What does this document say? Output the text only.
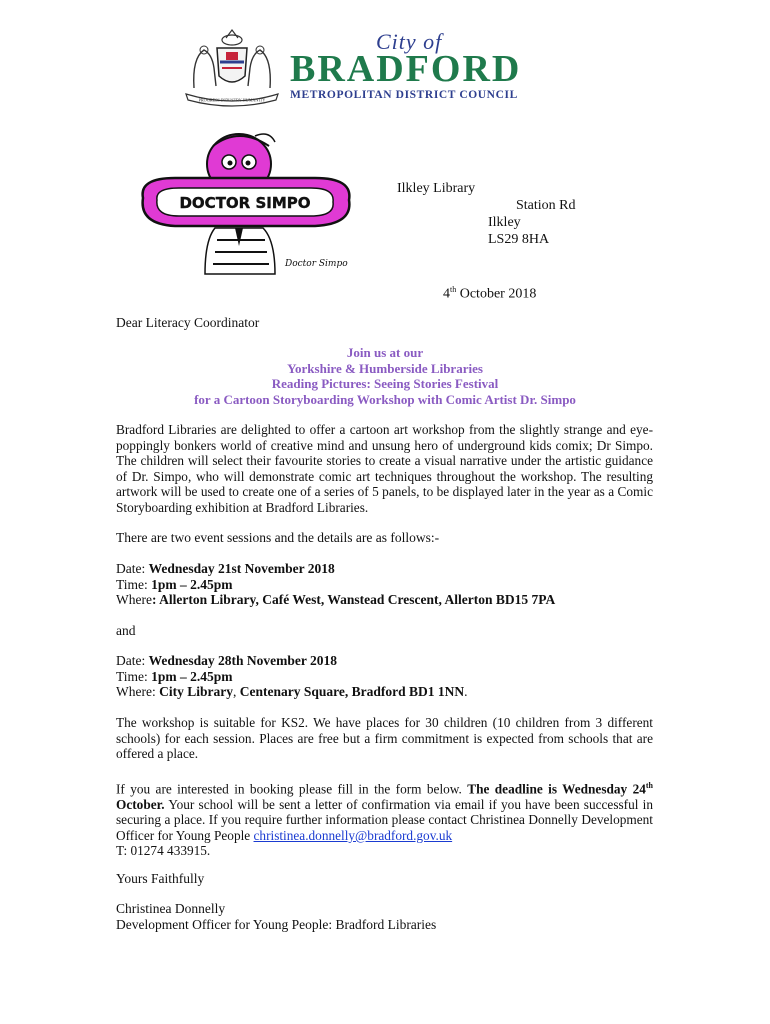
PROGRESS INDUSTRY HUMANITY
City of
BRADFORD
METROPOLITAN DISTRICT COUNCIL
DOCTOR SIMPO
Doctor Simpo
Ilkley Library
Station Rd
Ilkley
LS29 8HA
4th October 2018
Dear Literacy Coordinator
Join us at our
Yorkshire & Humberside Libraries
Reading Pictures: Seeing Stories Festival
for a Cartoon Storyboarding Workshop with Comic Artist Dr. Simpo
Bradford Libraries are delighted to offer a cartoon art workshop from the slightly strange and eye-poppingly bonkers world of creative mind and unsung hero of underground kids comix; Dr Simpo. The children will select their favourite stories to create a visual narrative under the artistic guidance of Dr. Simpo, who will demonstrate comic art techniques throughout the workshop. The resulting artwork will be used to create one of a series of 5 panels, to be displayed later in the year as a Comic Storyboarding exhibition at Bradford Libraries.
There are two event sessions and the details are as follows:-
Date: Wednesday 21st November 2018
Time: 1pm – 2.45pm
Where: Allerton Library, Café West, Wanstead Crescent, Allerton BD15 7PA
and
Date: Wednesday 28th November 2018
Time: 1pm – 2.45pm
Where: City Library, Centenary Square, Bradford BD1 1NN.
The workshop is suitable for KS2. We have places for 30 children (10 children from 3 different schools) for each session. Places are free but a firm commitment is expected from schools that are offered a place.
If you are interested in booking please fill in the form below. The deadline is Wednesday 24th October. Your school will be sent a letter of confirmation via email if you have been successful in securing a place. If you require further information please contact Christinea Donnelly Development Officer for Young People christinea.donnelly@bradford.gov.uk
T: 01274 433915.
Yours Faithfully
Christinea Donnelly
Development Officer for Young People: Bradford Libraries
